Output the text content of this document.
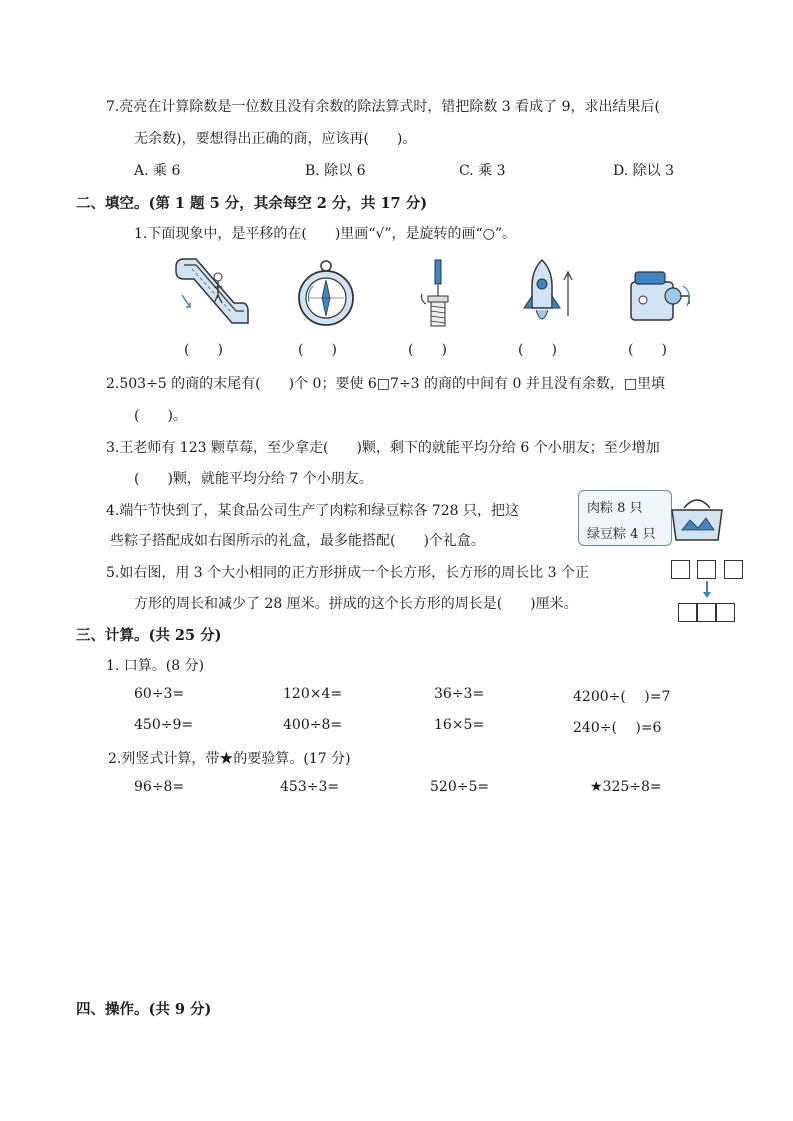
7.亮亮在计算除数是一位数且没有余数的除法算式时，错把除数 3 看成了 9，求出结果后(
无余数)，要想得出正确的商，应该再(　　)。
A. 乘 6	B. 除以 6	C. 乘 3	D. 除以 3
二、填空。(第 1 题 5 分，其余每空 2 分，共 17 分)
1.下面现象中，是平移的在(　　)里画“√”，是旋转的画“○”。
(　　)	(　　)	(　　)	(　　)	(　　)
2.503÷5 的商的末尾有(　　)个 0；要使 6□7÷3 的商的中间有 0 并且没有余数，□里填
(　　)。
3.王老师有 123 颗草莓，至少拿走(　　)颗，剩下的就能平均分给 6 个小朋友；至少增加
(　　)颗，就能平均分给 7 个小朋友。
4.端午节快到了，某食品公司生产了肉粽和绿豆粽各 728 只，把这
些粽子搭配成如右图所示的礼盒，最多能搭配(　　)个礼盒。
肉粽 8 只
绿豆粽 4 只
5.如右图，用 3 个大小相同的正方形拼成一个长方形，长方形的周长比 3 个正
方形的周长和减少了 28 厘米。拼成的这个长方形的周长是(　　)厘米。
三、计算。(共 25 分)
1. 口算。(8 分)
60÷3=	120×4=	36÷3=	4200÷(　 )=7
450÷9=	400÷8=	16×5=	240÷(　 )=6
2.列竖式计算，带★的要验算。(17 分)
96÷8=	453÷3=	520÷5=	★325÷8=
四、操作。(共 9 分)
